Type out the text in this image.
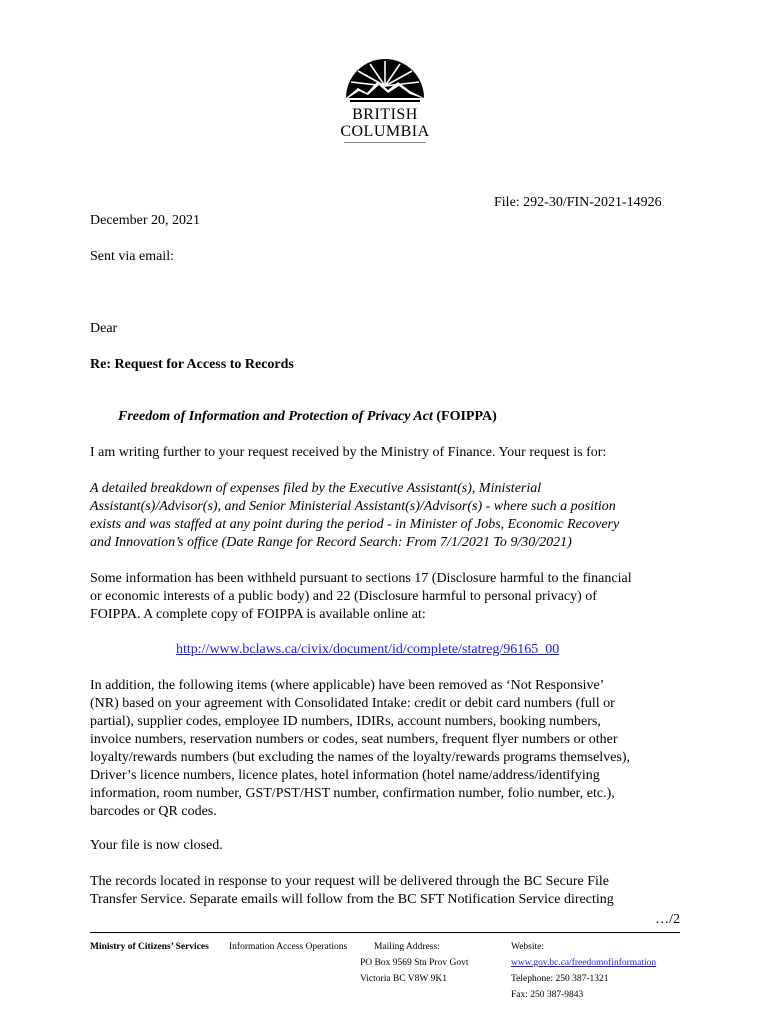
BRITISH
COLUMBIA
File: 292-30/FIN-2021-14926
December 20, 2021
Sent via email:
Dear
Re: Request for Access to Records
Freedom of Information and Protection of Privacy Act (FOIPPA)
I am writing further to your request received by the Ministry of Finance. Your request is for:
A detailed breakdown of expenses filed by the Executive Assistant(s), Ministerial
Assistant(s)/Advisor(s), and Senior Ministerial Assistant(s)/Advisor(s) - where such a position
exists and was staffed at any point during the period - in Minister of Jobs, Economic Recovery
and Innovation’s office (Date Range for Record Search: From 7/1/2021 To 9/30/2021)
Some information has been withheld pursuant to sections 17 (Disclosure harmful to the financial
or economic interests of a public body) and 22 (Disclosure harmful to personal privacy) of
FOIPPA. A complete copy of FOIPPA is available online at:
http://www.bclaws.ca/civix/document/id/complete/statreg/96165_00
In addition, the following items (where applicable) have been removed as ‘Not Responsive’
(NR) based on your agreement with Consolidated Intake: credit or debit card numbers (full or
partial), supplier codes, employee ID numbers, IDIRs, account numbers, booking numbers,
invoice numbers, reservation numbers or codes, seat numbers, frequent flyer numbers or other
loyalty/rewards numbers (but excluding the names of the loyalty/rewards programs themselves),
Driver’s licence numbers, licence plates, hotel information (hotel name/address/identifying
information, room number, GST/PST/HST number, confirmation number, folio number, etc.),
barcodes or QR codes.
Your file is now closed.
The records located in response to your request will be delivered through the BC Secure File
Transfer Service. Separate emails will follow from the BC SFT Notification Service directing
…/2
Ministry of Citizens’ Services Information Access Operations	Mailing Address:
PO Box 9569 Stn Prov Govt
Victoria BC V8W 9K1
Website:
www.gov.bc.ca/freedomofinformation
Telephone: 250 387-1321
Fax: 250 387-9843
